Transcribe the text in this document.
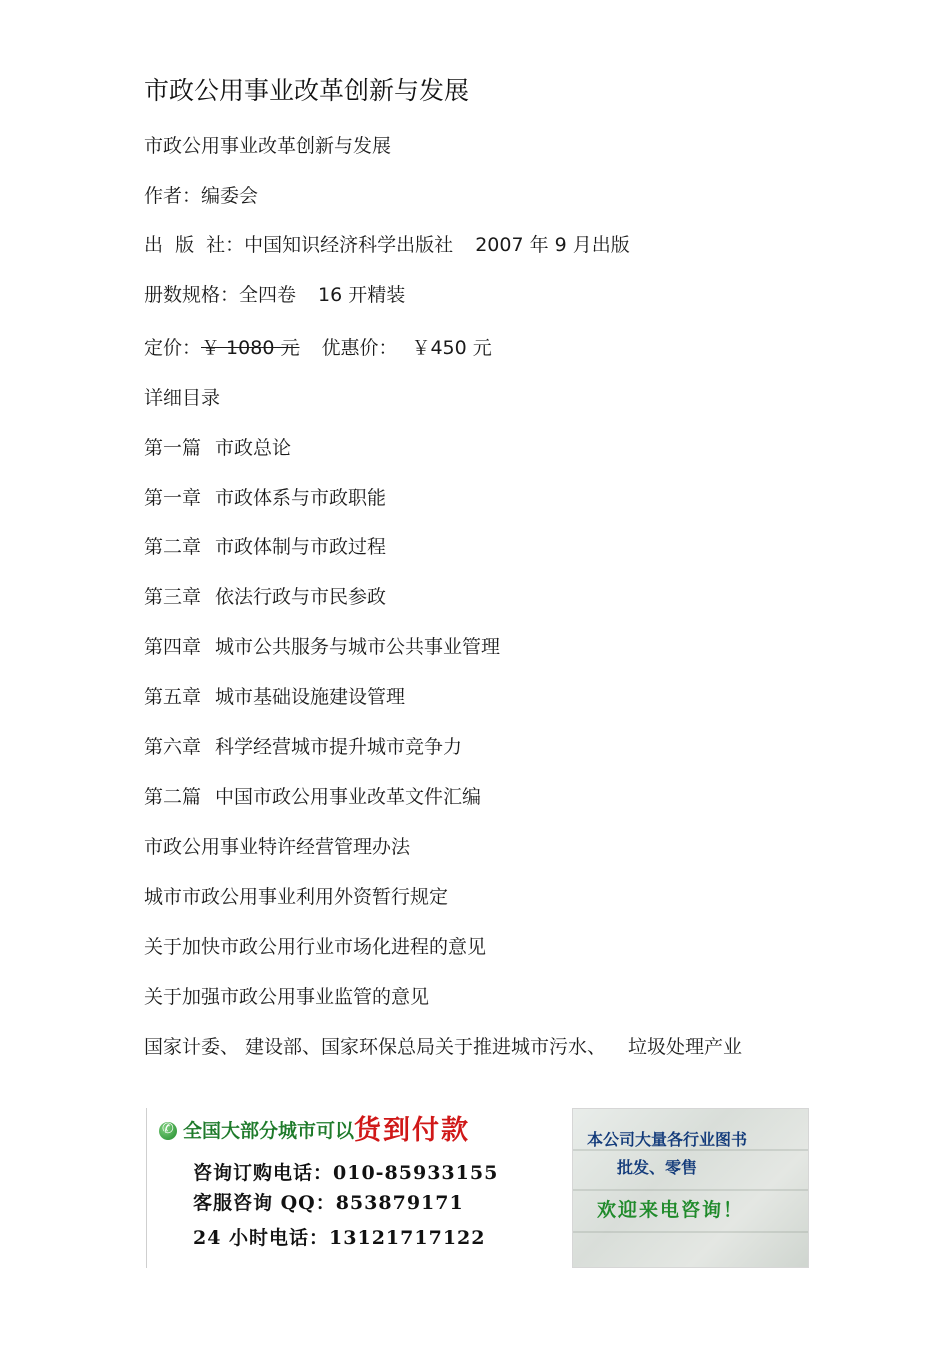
市政公用事业改革创新与发展
市政公用事业改革创新与发展
作者：编委会
出  版  社：中国知识经济科学出版社 2007 年 9 月出版
册数规格：全四卷 16 开精装
定价：￥ 1080 元 优惠价： ￥450 元
详细目录
第一篇 市政总论
第一章 市政体系与市政职能
第二章 市政体制与市政过程
第三章 依法行政与市民参政
第四章 城市公共服务与城市公共事业管理
第五章 城市基础设施建设管理
第六章 科学经营城市提升城市竞争力
第二篇 中国市政公用事业改革文件汇编
市政公用事业特许经营管理办法
城市市政公用事业利用外资暂行规定
关于加快市政公用行业市场化进程的意见
关于加强市政公用事业监管的意见
国家计委、 建设部、国家环保总局关于推进城市污水、 垃圾处理产业
✆
全国大部分城市可以货到付款
咨询订购电话：010-85933155
客服咨询 QQ：853879171
24 小时电话：13121717122
本公司大量各行业图书
批发、零售
欢迎来电咨询！
